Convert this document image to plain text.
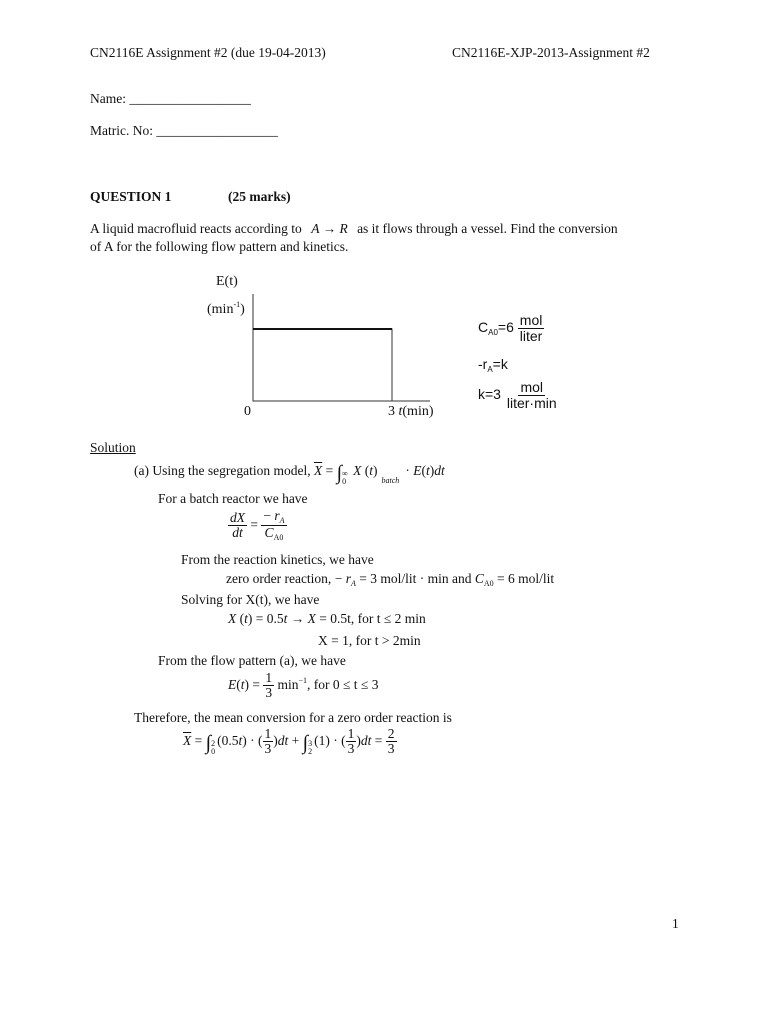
CN2116E Assignment #2 (due 19-04-2013)	CN2116E-XJP-2013-Assignment #2
Name: __________________
Matric. No: __________________
QUESTION 1	(25 marks)
A liquid macrofluid reacts according to A → R as it flows through a vessel. Find the conversion
of A for the following flow pattern and kinetics.
E(t)
$(\min^{-1})$
0	3 t(min)
$C_{A0}=6 \frac{\text{mol}}{\text{liter}}$
$-r_A=k$
$k=3 \frac{\text{mol}}{\text{liter·min}}$
Solution
(a) Using the segregation model, $\overline{X}$ = ∫ ∞
0
X $(t)_{batch}\cdot E(t)dt$
For a batch reactor we have
$\frac{dX}{dt} = \frac{- r_A}{C_{A0}}$
From the reaction kinetics, we have
zero order reaction, − $r_A = 3$ mol/lit · min and $C_{A0} = 6$ mol/lit
Solving for X(t), we have
X (t) = 0.5t → X = 0.5t, for t ≤ 2 min
X = 1, for t > 2min
From the flow pattern (a), we have
$E(t) = \frac{1}{3} \min^{-1}$, for 0 ≤ t ≤ 3
Therefore, the mean conversion for a zero order reaction is
$\overline{X}$ = ∫ 2
0
(0.5t) · ( $\frac{1}{3} )dt$ + ∫ 3
2
(1) · ( $\frac{1}{3} )dt = \frac{2}{3}$
1
